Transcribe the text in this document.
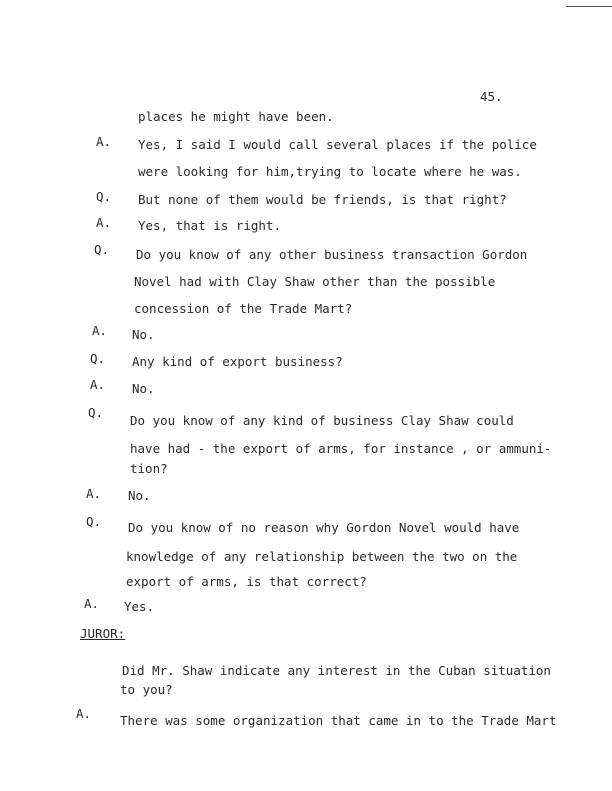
45.
places he might have been.
A. Yes, I said I would call several places if the police
were looking for him,trying to locate where he was.
Q. But none of them would be friends, is that right?
A. Yes, that is right.
Q. Do you know of any other business transaction Gordon
Novel had with Clay Shaw other than the possible
concession of the Trade Mart?
A. No.
Q. Any kind of export business?
A. No.
Q.
Do you know of any kind of business Clay Shaw could
have had - the export of arms, for instance , or ammuni-
tion?
A. No.
Q. Do you know of no reason why Gordon Novel would have
knowledge of any relationship between the two on the
export of arms, is that correct?
A. Yes.
JUROR:
Did Mr. Shaw indicate any interest in the Cuban situation
to you?
A. There was some organization that came in to the Trade Mart
